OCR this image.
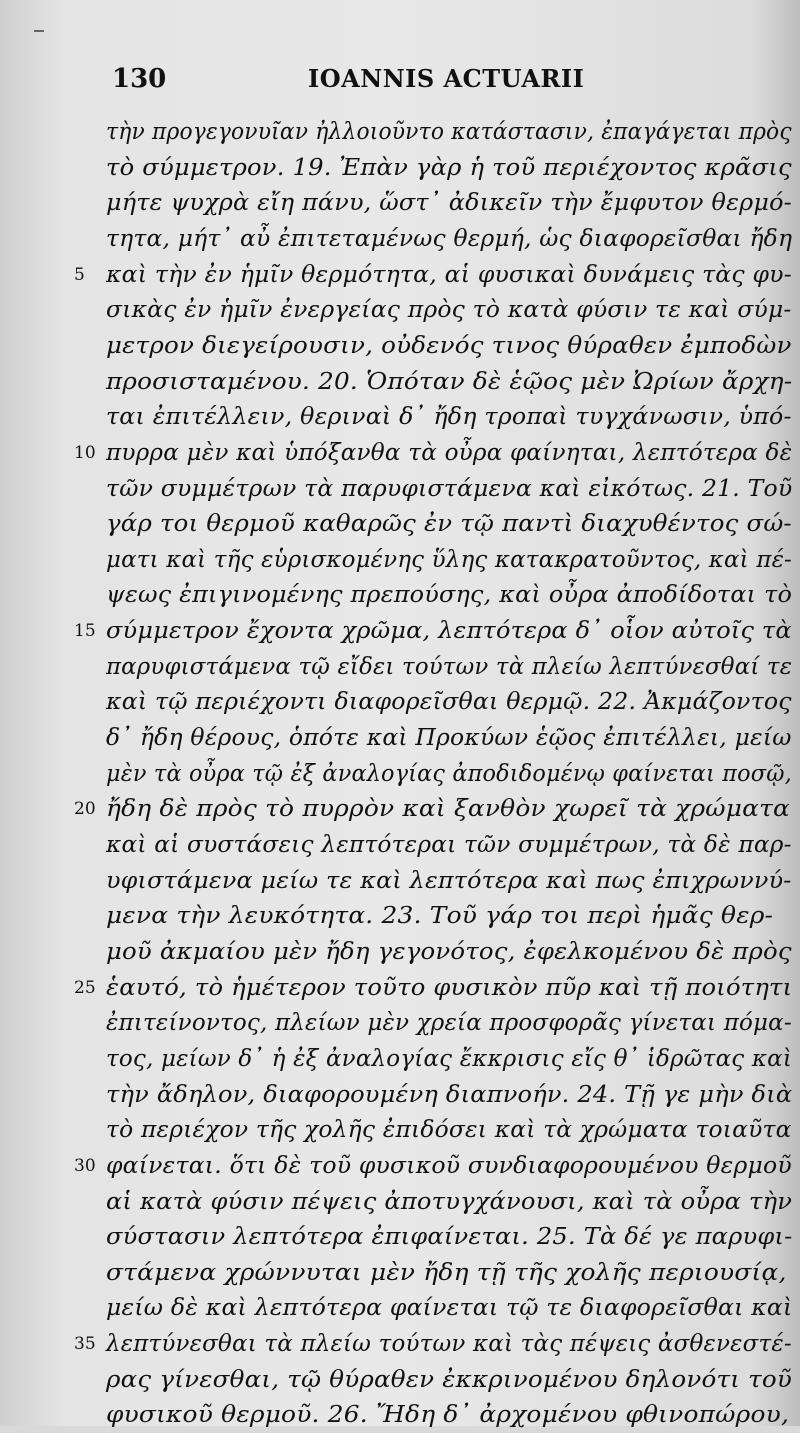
130	IOANNIS ACTUARII
τὴν προγεγονυῖαν ἠλλοιοῦντο κατάστασιν, ἐπαγάγεται πρὸς
τὸ σύμμετρον. 19. Ἐπὰν γὰρ ἡ τοῦ περιέχοντος κρᾶσις
μήτε ψυχρὰ εἴη πάνυ, ὥστ᾽ ἀδικεῖν τὴν ἔμφυτον θερμό-
τητα, μήτ᾽ αὖ ἐπιτεταμένως θερμή, ὡς διαφορεῖσθαι ἤδη
5 καὶ τὴν ἐν ἡμῖν θερμότητα, αἱ φυσικαὶ δυνάμεις τὰς φυ-
σικὰς ἐν ἡμῖν ἐνεργείας πρὸς τὸ κατὰ φύσιν τε καὶ σύμ-
μετρον διεγείρουσιν, οὐδενός τινος θύραθεν ἐμποδὼν
προσισταμένου. 20. Ὁπόταν δὲ ἑῷος μὲν Ὠρίων ἄρχη-
ται ἐπιτέλλειν, θεριναὶ δ᾽ ἤδη τροπαὶ τυγχάνωσιν, ὑπό-
10 πυρρα μὲν καὶ ὑπόξανθα τὰ οὖρα φαίνηται, λεπτότερα δὲ
τῶν συμμέτρων τὰ παρυφιστάμενα καὶ εἰκότως. 21. Τοῦ
γάρ τοι θερμοῦ καθαρῶς ἐν τῷ παντὶ διαχυθέντος σώ-
ματι καὶ τῆς εὑρισκομένης ὕλης κατακρατοῦντος, καὶ πέ-
ψεως ἐπιγινομένης πρεπούσης, καὶ οὖρα ἀποδίδοται τὸ
15 σύμμετρον ἔχοντα χρῶμα, λεπτότερα δ᾽ οἷον αὐτοῖς τὰ
παρυφιστάμενα τῷ εἴδει τούτων τὰ πλείω λεπτύνεσθαί τε
καὶ τῷ περιέχοντι διαφορεῖσθαι θερμῷ. 22. Ἀκμάζοντος
δ᾽ ἤδη θέρους, ὁπότε καὶ Προκύων ἑῷος ἐπιτέλλει, μείω
μὲν τὰ οὖρα τῷ ἐξ ἀναλογίας ἀποδιδομένῳ φαίνεται ποσῷ,
20 ἤδη δὲ πρὸς τὸ πυρρὸν καὶ ξανθὸν χωρεῖ τὰ χρώματα
καὶ αἱ συστάσεις λεπτότεραι τῶν συμμέτρων, τὰ δὲ παρ-
υφιστάμενα μείω τε καὶ λεπτότερα καὶ πως ἐπιχρωννύ-
μενα τὴν λευκότητα. 23. Τοῦ γάρ τοι περὶ ἡμᾶς θερ-
μοῦ ἀκμαίου μὲν ἤδη γεγονότος, ἐφελκομένου δὲ πρὸς
25 ἑαυτό, τὸ ἡμέτερον τοῦτο φυσικὸν πῦρ καὶ τῇ ποιότητι
ἐπιτείνοντος, πλείων μὲν χρεία προσφορᾶς γίνεται πόμα-
τος, μείων δ᾽ ἡ ἐξ ἀναλογίας ἔκκρισις εἴς θ᾽ ἱδρῶτας καὶ
τὴν ἄδηλον, διαφορουμένη διαπνοήν. 24. Τῇ γε μὴν διὰ
τὸ περιέχον τῆς χολῆς ἐπιδόσει καὶ τὰ χρώματα τοιαῦτα
30 φαίνεται. ὅτι δὲ τοῦ φυσικοῦ συνδιαφορουμένου θερμοῦ
αἱ κατὰ φύσιν πέψεις ἀποτυγχάνουσι, καὶ τὰ οὖρα τὴν
σύστασιν λεπτότερα ἐπιφαίνεται. 25. Τὰ δέ γε παρυφι-
στάμενα χρώννυται μὲν ἤδη τῇ τῆς χολῆς περιουσίᾳ,
μείω δὲ καὶ λεπτότερα φαίνεται τῷ τε διαφορεῖσθαι καὶ
35 λεπτύνεσθαι τὰ πλείω τούτων καὶ τὰς πέψεις ἀσθενεστέ-
ρας γίνεσθαι, τῷ θύραθεν ἐκκρινομένου δηλονότι τοῦ
φυσικοῦ θερμοῦ. 26. Ἤδη δ᾽ ἀρχομένου φθινοπώρου,
